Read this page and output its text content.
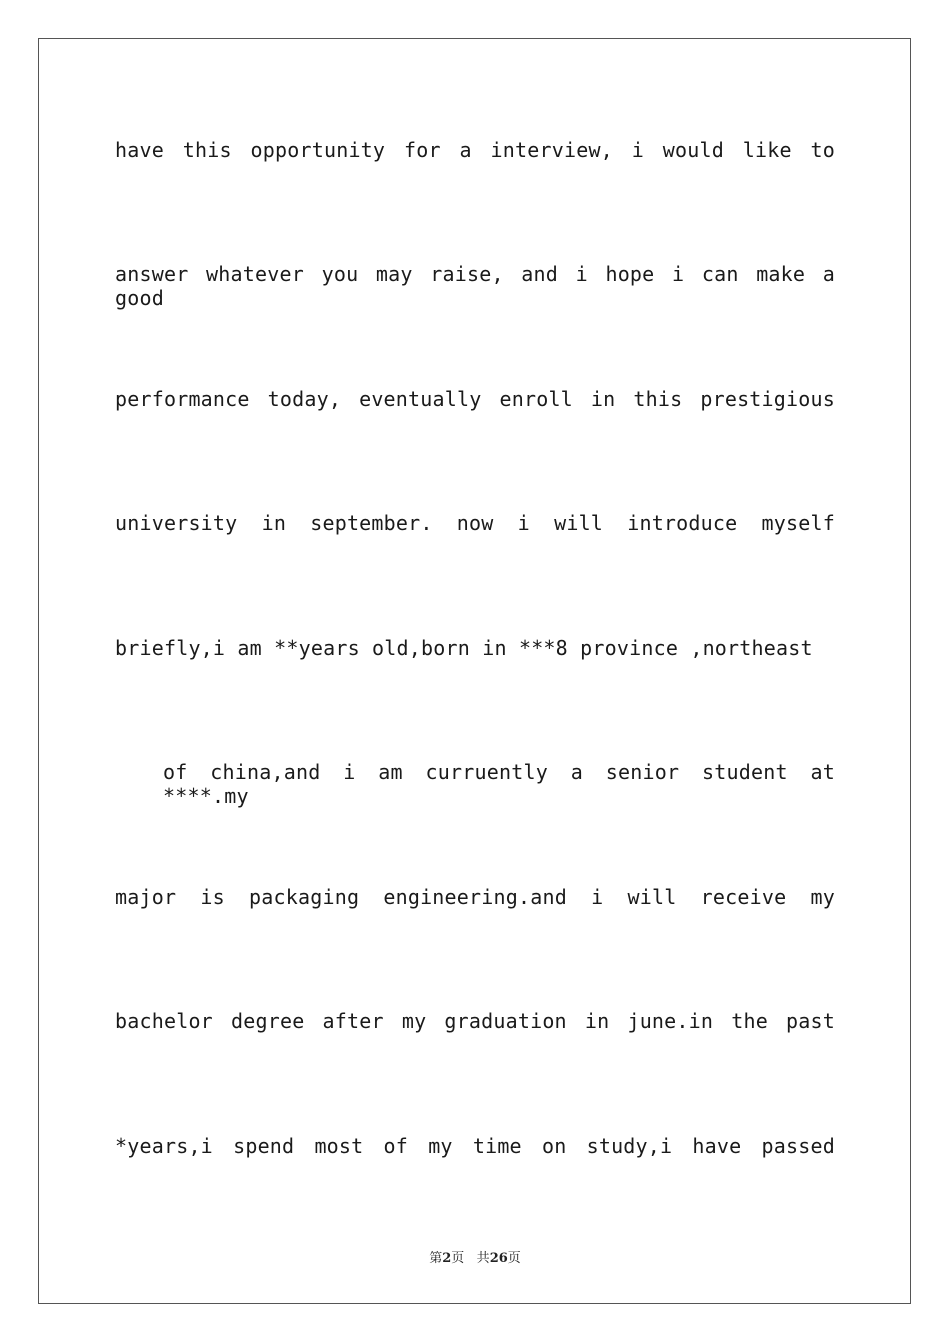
have this opportunity for a interview, i would like to
answer whatever you may raise, and i hope i can make a good
performance today, eventually enroll in this prestigious
university in september. now i will introduce myself
briefly,i am **years old,born in ***8 province ,northeast
of china,and i am curruently a senior student at ****.my
major is packaging engineering.and i will receive my
bachelor degree after my graduation in june.in the past
*years,i spend most of my time on study,i have passed
第2页 共26页
